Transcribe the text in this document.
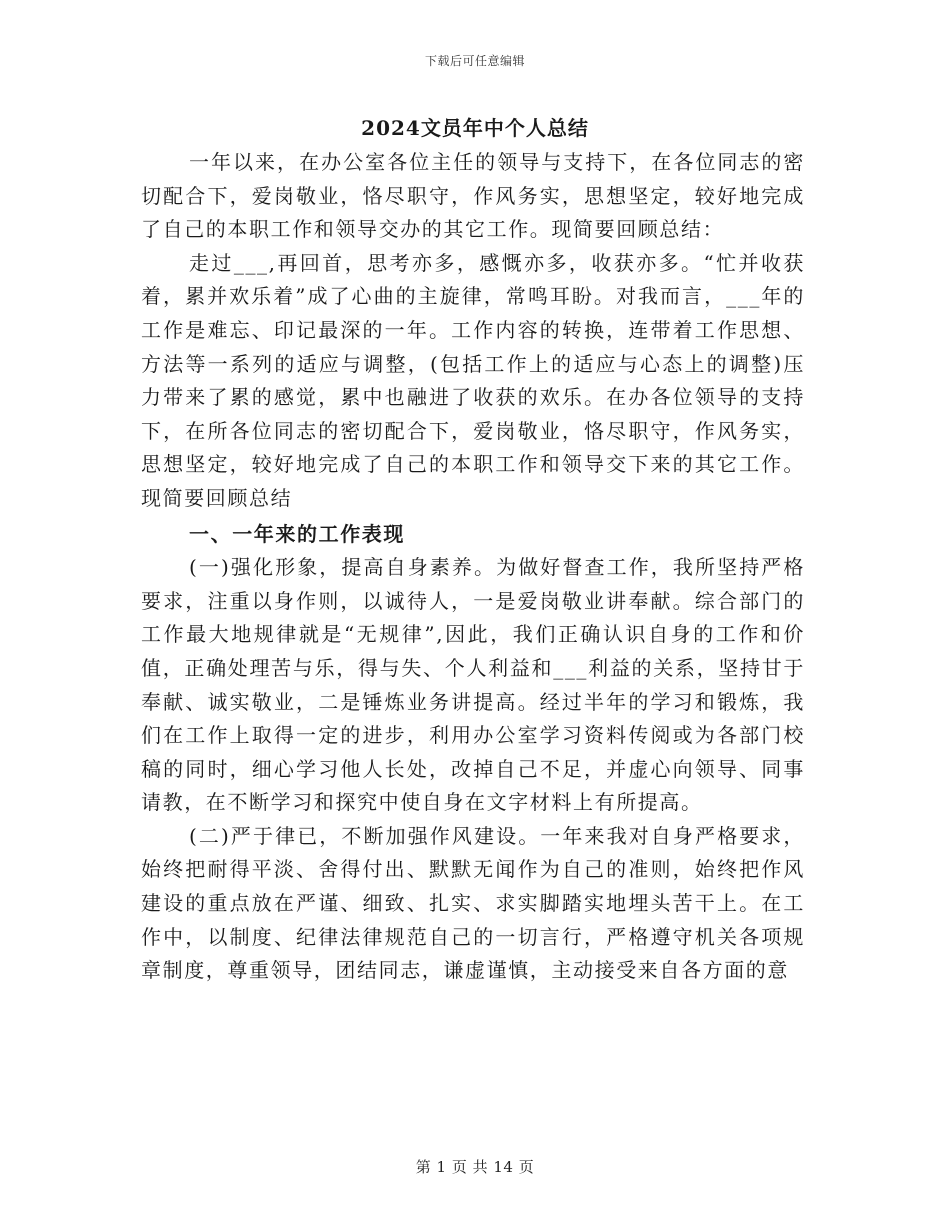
下载后可任意编辑
2024文员年中个人总结

一年以来，在办公室各位主任的领导与支持下，在各位同志的密切配合下，爱岗敬业，恪尽职守，作风务实，思想坚定，较好地完成了自己的本职工作和领导交办的其它工作。现简要回顾总结：

走过___,再回首，思考亦多，感慨亦多，收获亦多。“忙并收获着，累并欢乐着”成了心曲的主旋律，常鸣耳盼。对我而言，___年的工作是难忘、印记最深的一年。工作内容的转换，连带着工作思想、方法等一系列的适应与调整，(包括工作上的适应与心态上的调整)压力带来了累的感觉，累中也融进了收获的欢乐。在办各位领导的支持下，在所各位同志的密切配合下，爱岗敬业，恪尽职守，作风务实，思想坚定，较好地完成了自己的本职工作和领导交下来的其它工作。现简要回顾总结

一、一年来的工作表现

(一)强化形象，提高自身素养。为做好督查工作，我所坚持严格要求，注重以身作则，以诚待人，一是爱岗敬业讲奉献。综合部门的工作最大地规律就是“无规律”,因此，我们正确认识自身的工作和价值，正确处理苦与乐，得与失、个人利益和___利益的关系，坚持甘于奉献、诚实敬业，二是锤炼业务讲提高。经过半年的学习和锻炼，我们在工作上取得一定的进步，利用办公室学习资料传阅或为各部门校稿的同时，细心学习他人长处，改掉自己不足，并虚心向领导、同事请教，在不断学习和探究中使自身在文字材料上有所提高。

(二)严于律已，不断加强作风建设。一年来我对自身严格要求，始终把耐得平淡、舍得付出、默默无闻作为自己的准则，始终把作风建设的重点放在严谨、细致、扎实、求实脚踏实地埋头苦干上。在工作中，以制度、纪律法律规范自己的一切言行，严格遵守机关各项规章制度，尊重领导，团结同志，谦虚谨慎，主动接受来自各方面的意

第 1 页 共 14 页
